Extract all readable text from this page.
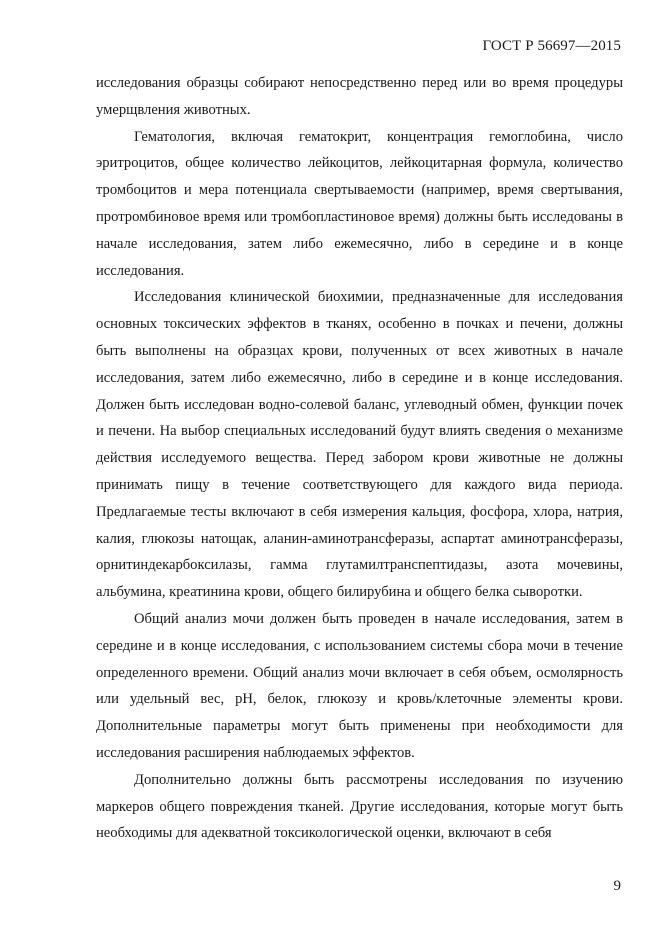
ГОСТ Р 56697—2015

исследования образцы собирают непосредственно перед или во время процедуры умерщвления животных.

Гематология, включая гематокрит, концентрация гемоглобина, число эритроцитов, общее количество лейкоцитов, лейкоцитарная формула, количество тромбоцитов и мера потенциала свертываемости (например, время свертывания, протромбиновое время или тромбопластиновое время) должны быть исследованы в начале исследования, затем либо ежемесячно, либо в середине и в конце исследования.

Исследования клинической биохимии, предназначенные для исследования основных токсических эффектов в тканях, особенно в почках и печени, должны быть выполнены на образцах крови, полученных от всех животных в начале исследования, затем либо ежемесячно, либо в середине и в конце исследования. Должен быть исследован водно-солевой баланс, углеводный обмен, функции почек и печени. На выбор специальных исследований будут влиять сведения о механизме действия исследуемого вещества. Перед забором крови животные не должны принимать пищу в течение соответствующего для каждого вида периода. Предлагаемые тесты включают в себя измерения кальция, фосфора, хлора, натрия, калия, глюкозы натощак, аланин-аминотрансферазы, аспартат аминотрансферазы, орнитиндекарбоксилазы, гамма глутамилтранспептидазы, азота мочевины, альбумина, креатинина крови, общего билирубина и общего белка сыворотки.

Общий анализ мочи должен быть проведен в начале исследования, затем в середине и в конце исследования, с использованием системы сбора мочи в течение определенного времени. Общий анализ мочи включает в себя объем, осмолярность или удельный вес, pH, белок, глюкозу и кровь/клеточные элементы крови. Дополнительные параметры могут быть применены при необходимости для исследования расширения наблюдаемых эффектов.

Дополнительно должны быть рассмотрены исследования по изучению маркеров общего повреждения тканей. Другие исследования, которые могут быть необходимы для адекватной токсикологической оценки, включают в себя

9
